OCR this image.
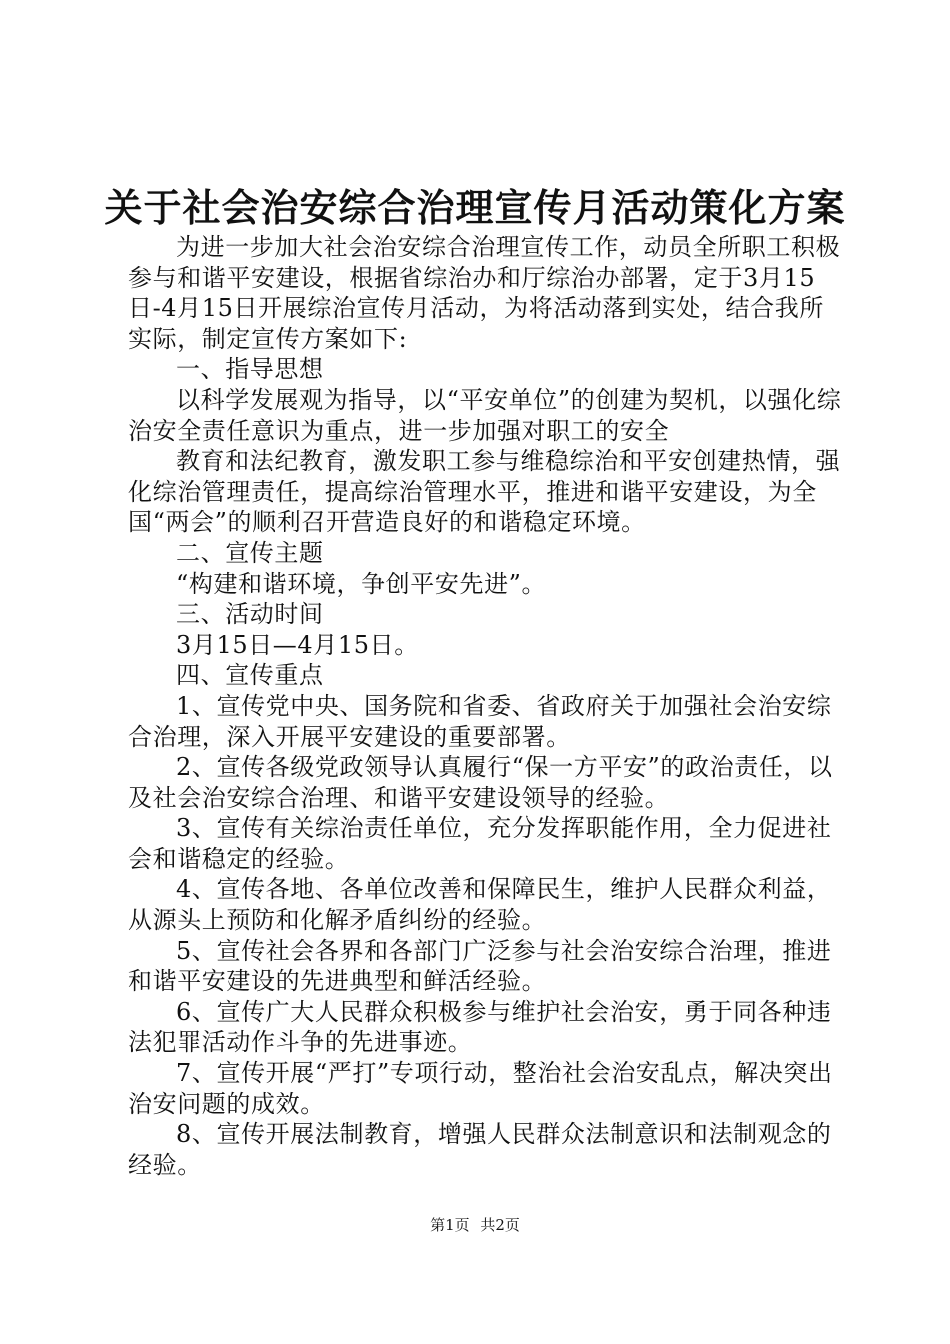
关于社会治安综合治理宣传月活动策化方案

为进一步加大社会治安综合治理宣传工作，动员全所职工积极参与和谐平安建设，根据省综治办和厅综治办部署，定于3月15日-4月15日开展综治宣传月活动，为将活动落到实处，结合我所实际，制定宣传方案如下:

一、指导思想

以科学发展观为指导，以“平安单位”的创建为契机，以强化综治安全责任意识为重点，进一步加强对职工的安全

教育和法纪教育，激发职工参与维稳综治和平安创建热情，强化综治管理责任，提高综治管理水平，推进和谐平安建设，为全国“两会”的顺利召开营造良好的和谐稳定环境。

二、宣传主题

“构建和谐环境，争创平安先进”。

三、活动时间

3月15日—4月15日。

四、宣传重点

1、宣传党中央、国务院和省委、省政府关于加强社会治安综合治理，深入开展平安建设的重要部署。

2、宣传各级党政领导认真履行“保一方平安”的政治责任，以及社会治安综合治理、和谐平安建设领导的经验。

3、宣传有关综治责任单位，充分发挥职能作用，全力促进社会和谐稳定的经验。

4、宣传各地、各单位改善和保障民生，维护人民群众利益，从源头上预防和化解矛盾纠纷的经验。

5、宣传社会各界和各部门广泛参与社会治安综合治理，推进和谐平安建设的先进典型和鲜活经验。

6、宣传广大人民群众积极参与维护社会治安，勇于同各种违法犯罪活动作斗争的先进事迹。

7、宣传开展“严打”专项行动，整治社会治安乱点，解决突出治安问题的成效。

8、宣传开展法制教育，增强人民群众法制意识和法制观念的经验。

第1页 共2页
